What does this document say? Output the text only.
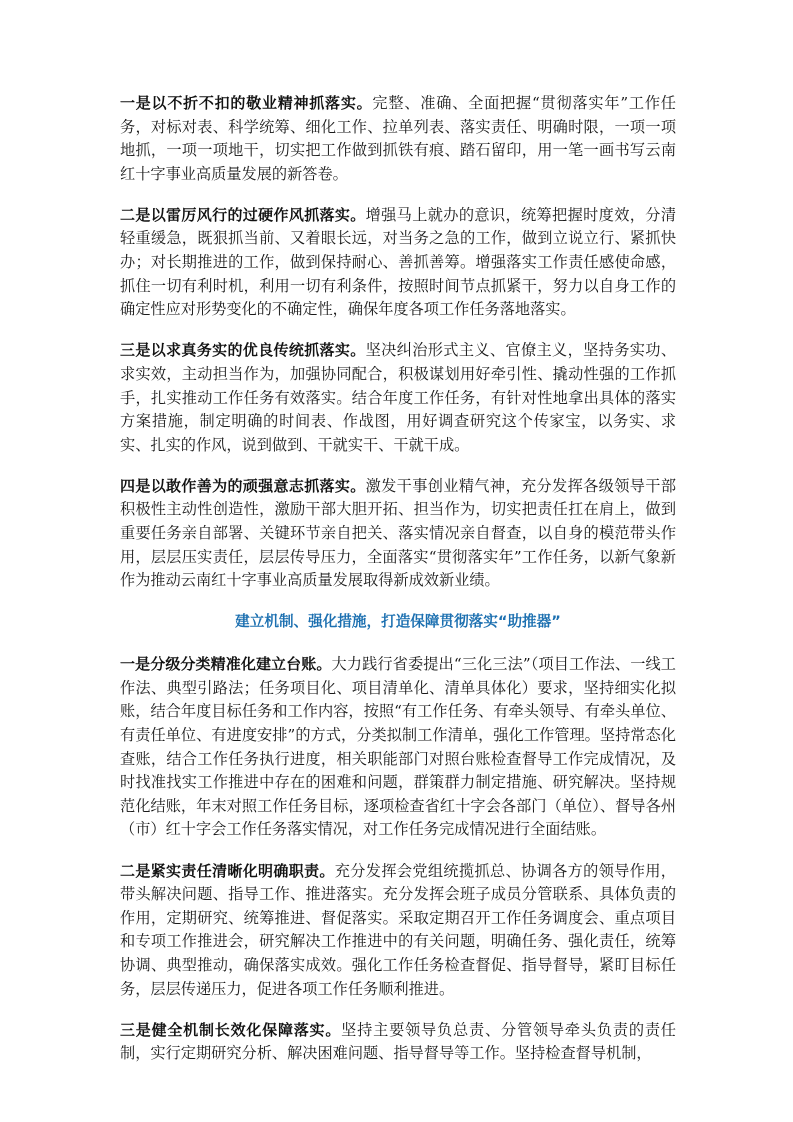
一是以不折不扣的敬业精神抓落实。完整、准确、全面把握“贯彻落实年”工作任务，对标对表、科学统筹、细化工作、拉单列表、落实责任、明确时限，一项一项地抓，一项一项地干，切实把工作做到抓铁有痕、踏石留印，用一笔一画书写云南红十字事业高质量发展的新答卷。

二是以雷厉风行的过硬作风抓落实。增强马上就办的意识，统筹把握时度效，分清轻重缓急，既狠抓当前、又着眼长远，对当务之急的工作，做到立说立行、紧抓快办；对长期推进的工作，做到保持耐心、善抓善筹。增强落实工作责任感使命感，抓住一切有利时机，利用一切有利条件，按照时间节点抓紧干，努力以自身工作的确定性应对形势变化的不确定性，确保年度各项工作任务落地落实。

三是以求真务实的优良传统抓落实。坚决纠治形式主义、官僚主义，坚持务实功、求实效，主动担当作为，加强协同配合，积极谋划用好牵引性、撬动性强的工作抓手，扎实推动工作任务有效落实。结合年度工作任务，有针对性地拿出具体的落实方案措施，制定明确的时间表、作战图，用好调查研究这个传家宝，以务实、求实、扎实的作风，说到做到、干就实干、干就干成。

四是以敢作善为的顽强意志抓落实。激发干事创业精气神，充分发挥各级领导干部积极性主动性创造性，激励干部大胆开拓、担当作为，切实把责任扛在肩上，做到重要任务亲自部署、关键环节亲自把关、落实情况亲自督查，以自身的模范带头作用，层层压实责任，层层传导压力，全面落实“贯彻落实年”工作任务，以新气象新作为推动云南红十字事业高质量发展取得新成效新业绩。

建立机制、强化措施，打造保障贯彻落实“助推器”

一是分级分类精准化建立台账。大力践行省委提出“三化三法”（项目工作法、一线工作法、典型引路法；任务项目化、项目清单化、清单具体化）要求，坚持细实化拟账，结合年度目标任务和工作内容，按照“有工作任务、有牵头领导、有牵头单位、有责任单位、有进度安排”的方式，分类拟制工作清单，强化工作管理。坚持常态化查账，结合工作任务执行进度，相关职能部门对照台账检查督导工作完成情况，及时找准找实工作推进中存在的困难和问题，群策群力制定措施、研究解决。坚持规范化结账，年末对照工作任务目标，逐项检查省红十字会各部门（单位）、督导各州（市）红十字会工作任务落实情况，对工作任务完成情况进行全面结账。

二是紧实责任清晰化明确职责。充分发挥会党组统揽抓总、协调各方的领导作用，带头解决问题、指导工作、推进落实。充分发挥会班子成员分管联系、具体负责的作用，定期研究、统筹推进、督促落实。采取定期召开工作任务调度会、重点项目和专项工作推进会，研究解决工作推进中的有关问题，明确任务、强化责任，统筹协调、典型推动，确保落实成效。强化工作任务检查督促、指导督导，紧盯目标任务，层层传递压力，促进各项工作任务顺利推进。

三是健全机制长效化保障落实。坚持主要领导负总责、分管领导牵头负责的责任制，实行定期研究分析、解决困难问题、指导督导等工作。坚持检查督导机制，
